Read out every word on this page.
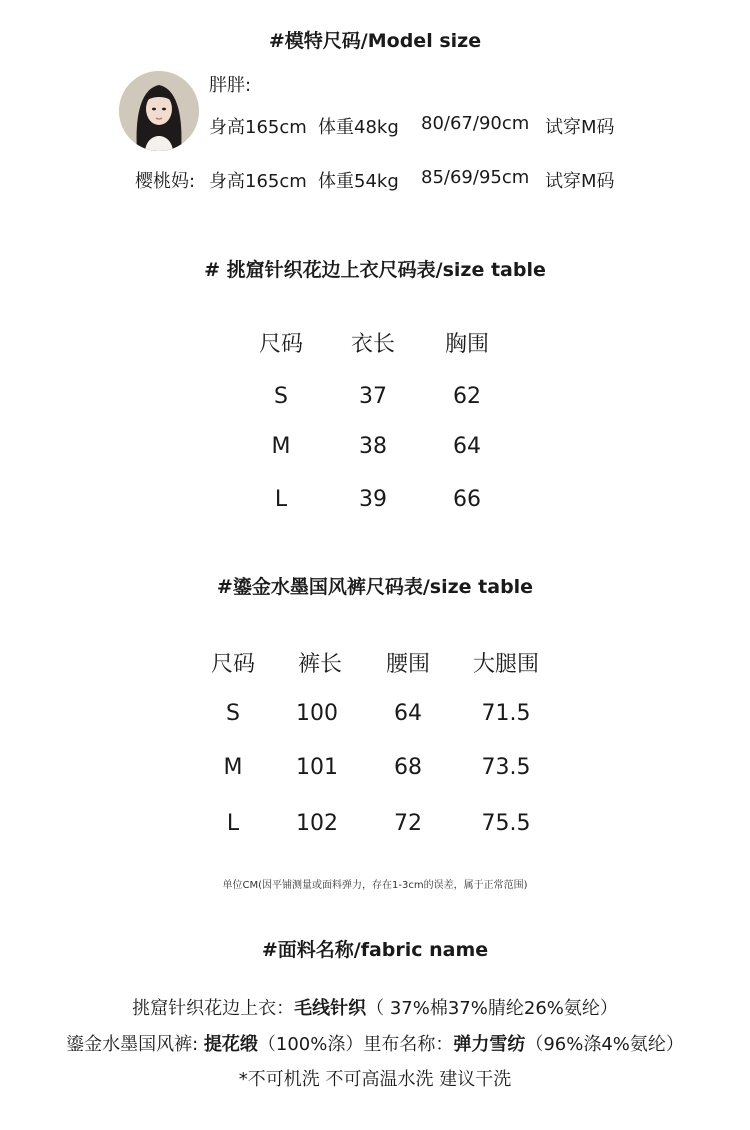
#模特尺码/Model size
胖胖:
身高165cm 体重48kg 80/67/90cm 试穿M码
樱桃妈: 身高165cm 体重54kg 85/69/95cm 试穿M码
# 挑窟针织花边上衣尺码表/size table
尺码	衣长	胸围
S	37	62
M	38	64
L	39	66
#鎏金水墨国风裤尺码表/size table
尺码	裤长	腰围	大腿围
S	100	64	71.5
M	101	68	73.5
L	102	72	75.5
单位CM(因平铺测量或面料弹力，存在1-3cm的误差，属于正常范围)
#面料名称/fabric name
挑窟针织花边上衣：毛线针织（ 37%棉37%腈纶26%氨纶）
鎏金水墨国风裤: 提花缎（100%涤）里布名称：弹力雪纺（96%涤4%氨纶）
*不可机洗 不可高温水洗 建议干洗
